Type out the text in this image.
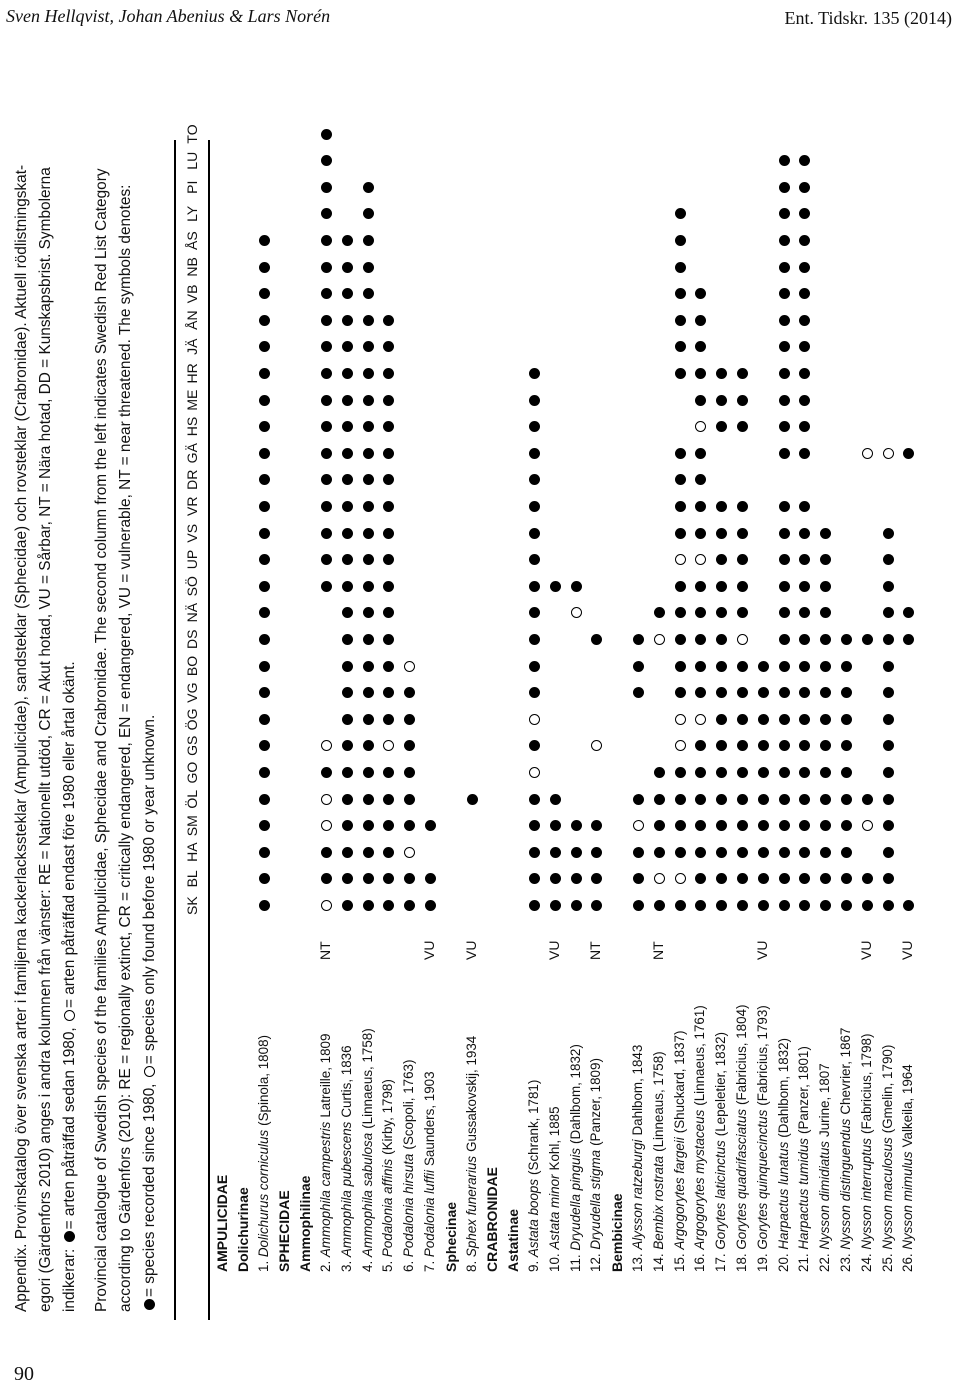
Sven Hellqvist, Johan Abenius & Lars Norén	Ent. Tidskr. 135 (2014)
90
Appendix. Provinskatalog över svenska arter i familjerna kackerlackssteklar (Ampulicidae), sandsteklar (Sphecidae) och rovsteklar (Crabronidae). Aktuell rödlistningskat- egori (Gärdenfors 2010) anges i andra kolumnen från vänster: RE = Nationellt utdöd, CR = Akut hotad, VU = Sårbar, NT = Nära hotad, DD = Kunskapsbrist. Symbolerna indikerar: = arten påträffad sedan 1980, = arten påträffad endast före 1980 eller årtal okänt. Provincial catalogue of Swedish species of the families Ampulicidae, Sphecidae and Crabronidae. The second column from the left indicates Swedish Red List Category according to Gärdenfors (2010): RE = regionally extinct, CR = critically endangered, EN = endangered, VU = vulnerable, NT = near threatened. The symbols denotes: = species recorded since 1980, = species only found before 1980 or year unknown.
AMPULICIDAE Dolichurinae 1. Dolichurus corniculus(Spinola, 1808)
SPHECIDAE Ammophilinae 2. Ammophila campestrisLatreille, 1809
NT
3. Ammophila pubescensCurtis, 1836
4. Ammophila sabulosa(Linnaeus, 1758)
5. Podalonia affinis(Kirby, 1798)
6. Podalonia hirsuta(Scopoli, 1763)
7. Podalonia luffiiSaunders, 1903
VU
Sphecinae 8. Sphex funerariusGussakovskij, 1934
VU
CRABRONIDAE Astatinae 9. Astata boops(Schrank, 1781)
10. Astata minorKohl, 1885
VU
11. Dryudella pinguis(Dahlbom, 1832)
12. Dryudella stigma(Panzer, 1809)
NT
Bembicinae 13. Alysson ratzeburgiDahlbom, 1843
14. Bembix rostrata(Linneaus, 1758)
NT
15. Argogorytes fargeii(Shuckard, 1837)
16. Argogorytes mystaceus(Linnaeus, 1761)
17. Gorytes laticinctus(Lepeletier, 1832)
18. Gorytes quadrifasciatus(Fabricius, 1804)
19. Gorytes quinquecinctus(Fabricius, 1793)
VU
20. Harpactus lunatus(Dahlbom, 1832)
21. Harpactus tumidus(Panzer, 1801)
22. Nysson dimidiatusJurine, 1807
23. Nysson distinguendusChevrier, 1867
24. Nysson interruptus(Fabricius, 1798)
VU
25. Nysson maculosus(Gmelin, 1790)
26. Nysson mimulusValkeila, 1964
VU
SK
BL
HA
SM
ÖL
GO
GS
ÖG
VG
BO
DS
NÄ
SÖ
UP
VS
VR
DR
GÄ
HS
ME
HR
JÄ
ÅN
VB
NB
ÅS
LY
PI
LU
TO
